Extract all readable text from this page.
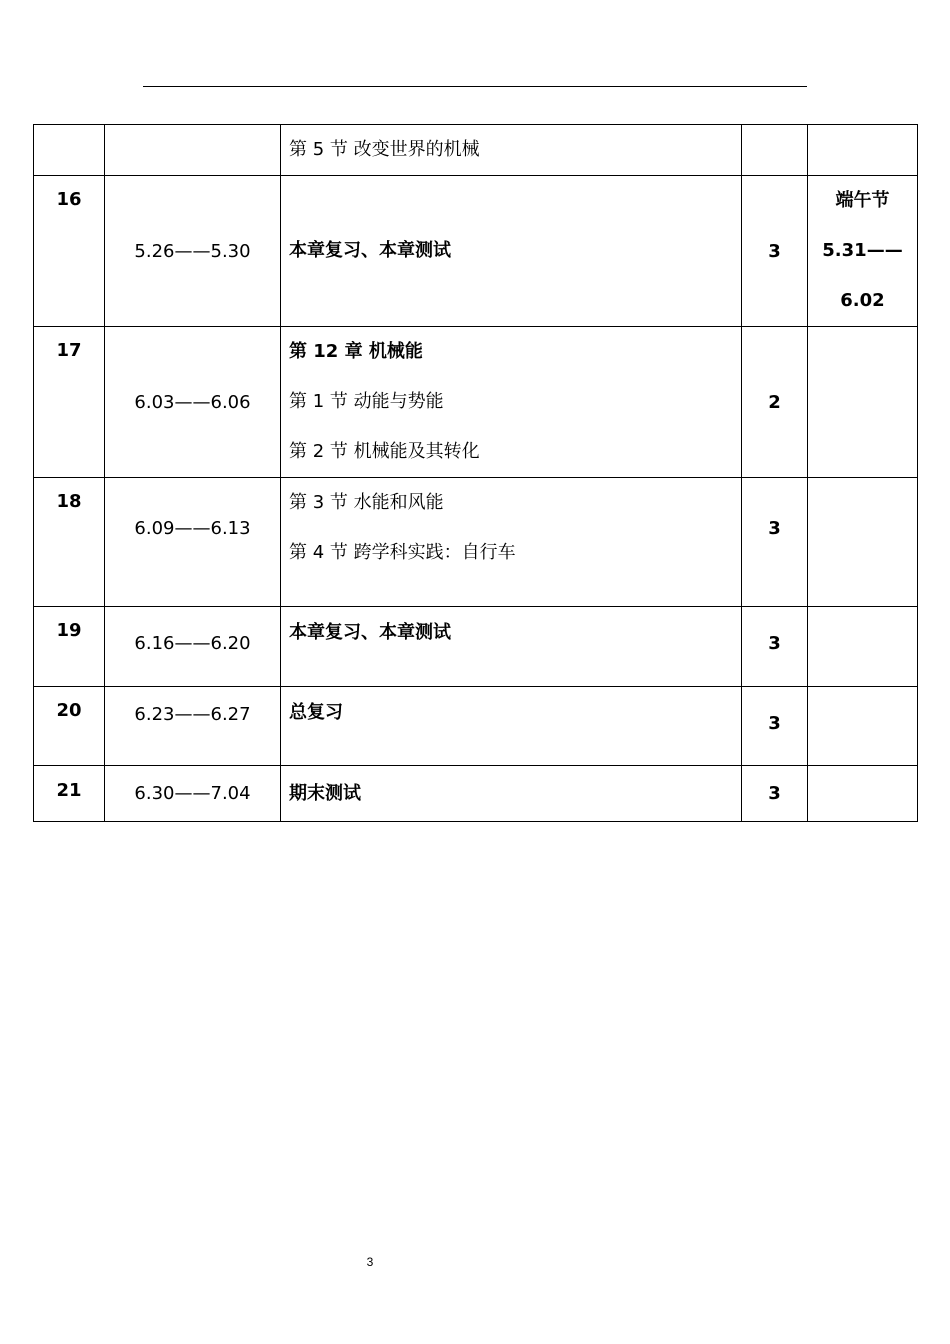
		第 5 节 改变世界的机械		

16	5.26——5.30	本章复习、本章测试	3	端午节
5.31——
6.02

17	6.03——6.06	第 12 章 机械能
第 1 节 动能与势能
第 2 节 机械能及其转化	2	
18	6.09——6.13	第 3 节 水能和风能
第 4 节 跨学科实践：自行车	3	
19	6.16——6.20	本章复习、本章测试	3	
20	6.23——6.27	总复习	3	
21	6.30——7.04	期末测试	3	
3
